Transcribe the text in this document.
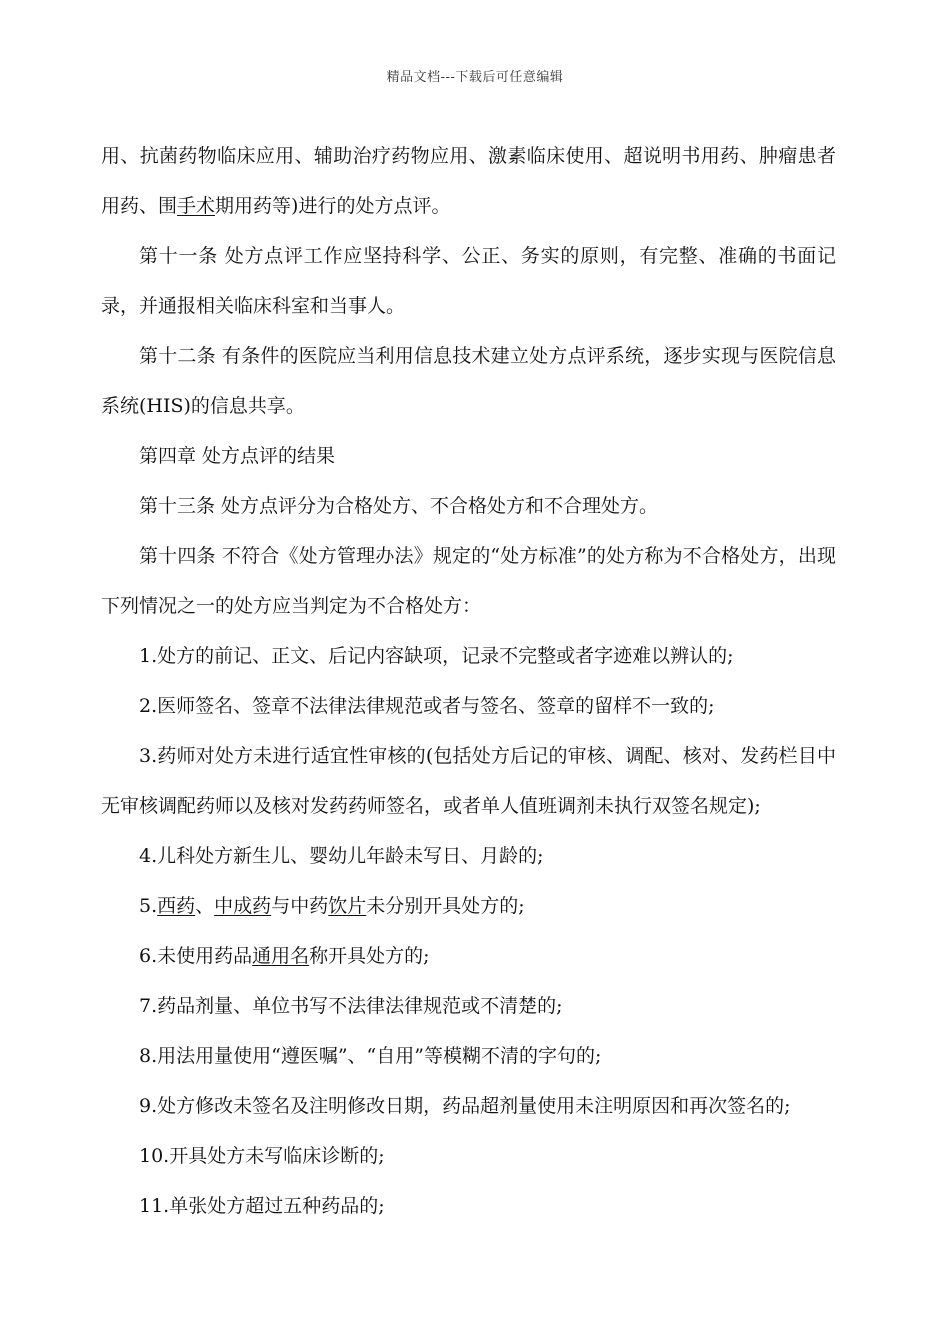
精品文档---下载后可任意编辑

用、抗菌药物临床应用、辅助治疗药物应用、激素临床使用、超说明书用药、肿瘤患者用药、围手术期用药等)进行的处方点评。

第十一条 处方点评工作应坚持科学、公正、务实的原则，有完整、准确的书面记录，并通报相关临床科室和当事人。

第十二条 有条件的医院应当利用信息技术建立处方点评系统，逐步实现与医院信息系统(HIS)的信息共享。

第四章 处方点评的结果

第十三条 处方点评分为合格处方、不合格处方和不合理处方。

第十四条 不符合《处方管理办法》规定的“处方标准”的处方称为不合格处方，出现下列情况之一的处方应当判定为不合格处方：

1.处方的前记、正文、后记内容缺项，记录不完整或者字迹难以辨认的;

2.医师签名、签章不法律法律规范或者与签名、签章的留样不一致的;

3.药师对处方未进行适宜性审核的(包括处方后记的审核、调配、核对、发药栏目中无审核调配药师以及核对发药药师签名，或者单人值班调剂未执行双签名规定);

4.儿科处方新生儿、婴幼儿年龄未写日、月龄的;

5.西药、中成药与中药饮片未分别开具处方的;

6.未使用药品通用名称开具处方的;

7.药品剂量、单位书写不法律法律规范或不清楚的;

8.用法用量使用“遵医嘱”、“自用”等模糊不清的字句的;

9.处方修改未签名及注明修改日期，药品超剂量使用未注明原因和再次签名的;

10.开具处方未写临床诊断的;

11.单张处方超过五种药品的;
